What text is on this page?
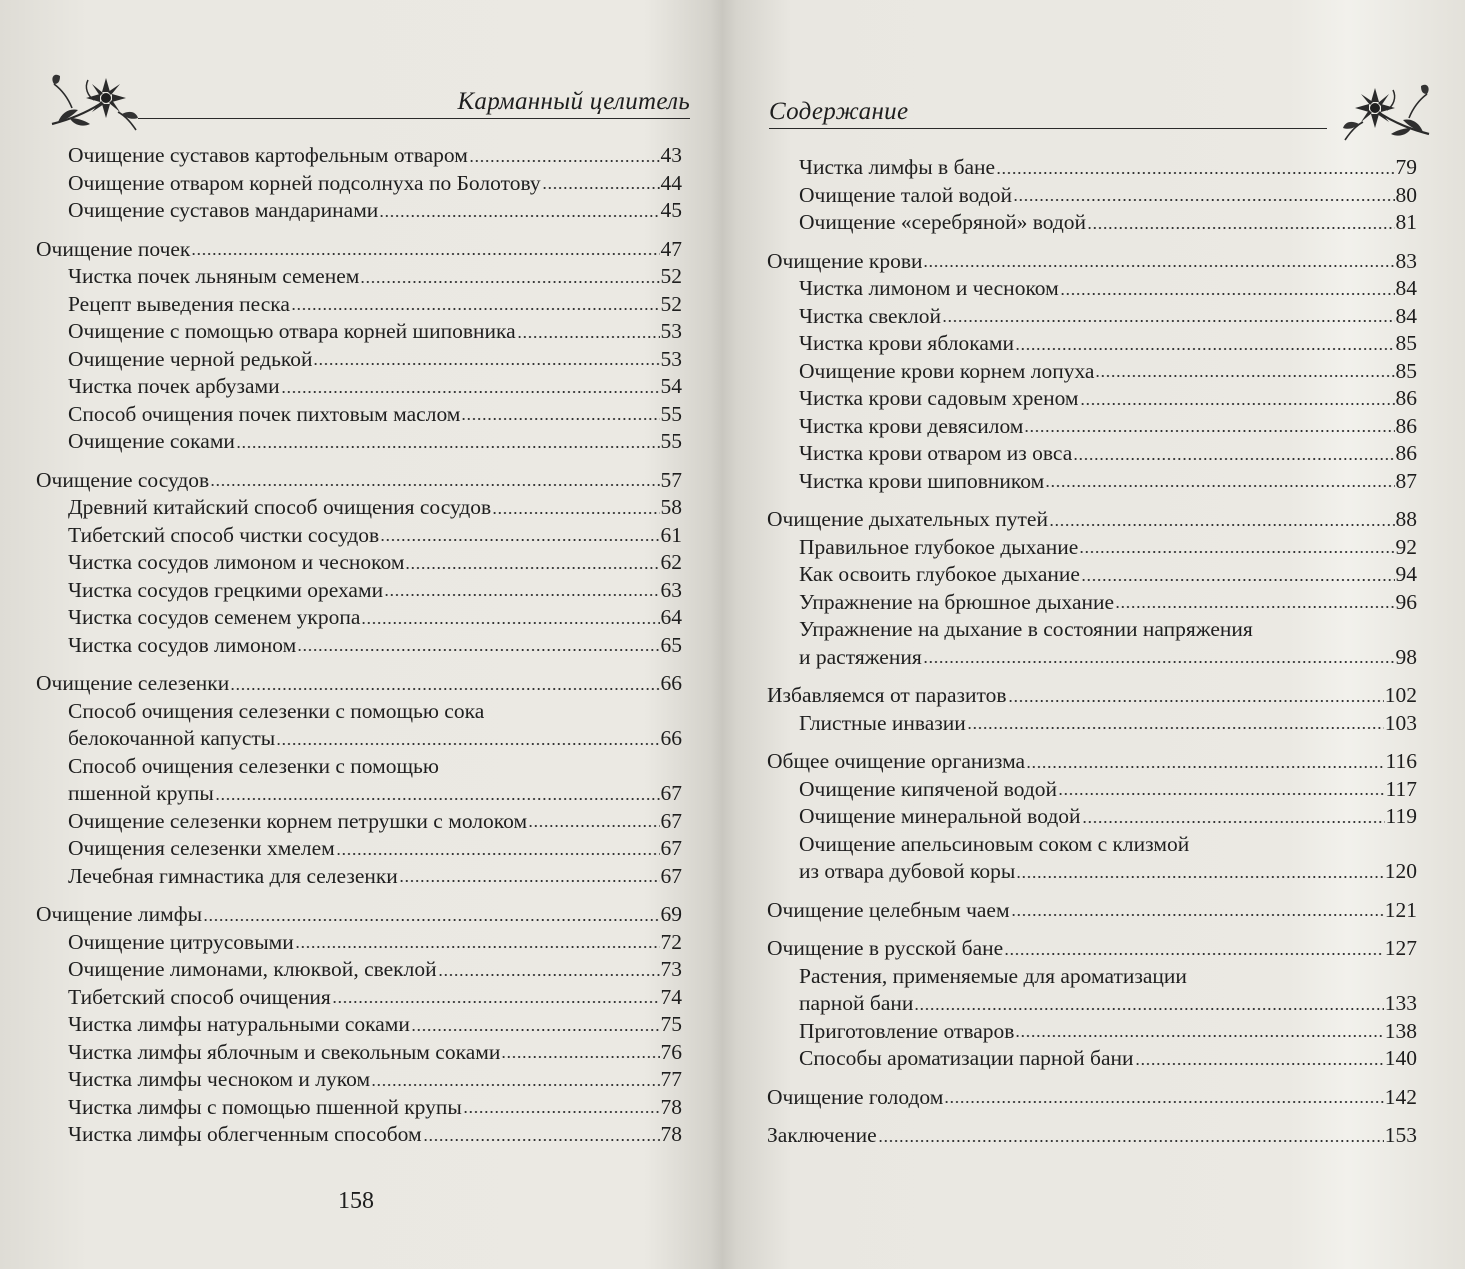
Карманный целитель
Очищение суставов картофельным отваром	43
Очищение отваром корней подсолнуха по Болотову	44
Очищение суставов мандаринами	45
Очищение почек	47
Чистка почек льняным семенем	52
Рецепт выведения песка	52
Очищение с помощью отвара корней шиповника	53
Очищение черной редькой	53
Чистка почек арбузами	54
Способ очищения почек пихтовым маслом	55
Очищение соками	55
Очищение сосудов	57
Древний китайский способ очищения сосудов	58
Тибетский способ чистки сосудов	61
Чистка сосудов лимоном и чесноком	62
Чистка сосудов грецкими орехами	63
Чистка сосудов семенем укропа	64
Чистка сосудов лимоном	65
Очищение селезенки	66
Способ очищения селезенки с помощью сока
белокочанной капусты	66
Способ очищения селезенки с помощью
пшенной крупы	67
Очищение селезенки корнем петрушки с молоком	67
Очищения селезенки хмелем	67
Лечебная гимнастика для селезенки	67
Очищение лимфы	69
Очищение цитрусовыми	72
Очищение лимонами, клюквой, свеклой	73
Тибетский способ очищения	74
Чистка лимфы натуральными соками	75
Чистка лимфы яблочным и свекольным соками	76
Чистка лимфы чесноком и луком	77
Чистка лимфы с помощью пшенной крупы	78
Чистка лимфы облегченным способом	78
158
Содержание
Чистка лимфы в бане	79
Очищение талой водой	80
Очищение «серебряной» водой	81
Очищение крови	83
Чистка лимоном и чесноком	84
Чистка свеклой	84
Чистка крови яблоками	85
Очищение крови корнем лопуха	85
Чистка крови садовым хреном	86
Чистка крови девясилом	86
Чистка крови отваром из овса	86
Чистка крови шиповником	87
Очищение дыхательных путей	88
Правильное глубокое дыхание	92
Как освоить глубокое дыхание	94
Упражнение на брюшное дыхание	96
Упражнение на дыхание в состоянии напряжения
и растяжения	98
Избавляемся от паразитов	102
Глистные инвазии	103
Общее очищение организма	116
Очищение кипяченой водой	117
Очищение минеральной водой	119
Очищение апельсиновым соком с клизмой
из отвара дубовой коры	120
Очищение целебным чаем	121
Очищение в русской бане	127
Растения, применяемые для ароматизации
парной бани	133
Приготовление отваров	138
Способы ароматизации парной бани	140
Очищение голодом	142
Заключение	153
